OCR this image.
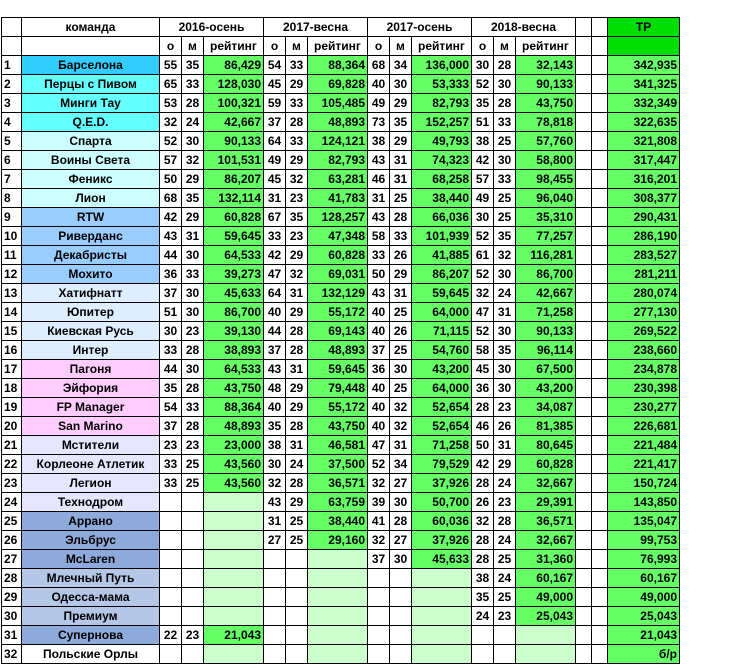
	команда	2016-осень			2017-весна			2017-осень			2018-весна					ТР
		о	м	рейтинг	о	м	рейтинг	о	м	рейтинг	о	м	рейтинг			
1	Барселона	55	35	86,429	54	33	88,364	68	34	136,000	30	28	32,143			342,935
2	Перцы с Пивом	65	33	128,030	45	29	69,828	40	30	53,333	52	30	90,133			341,325
3	Минги Тау	53	28	100,321	59	33	105,485	49	29	82,793	35	28	43,750			332,349
4	Q.E.D.	32	24	42,667	37	28	48,893	73	35	152,257	51	33	78,818			322,635
5	Спарта	52	30	90,133	64	33	124,121	38	29	49,793	38	25	57,760			321,808
6	Воины Света	57	32	101,531	49	29	82,793	43	31	74,323	42	30	58,800			317,447
7	Феникс	50	29	86,207	45	32	63,281	46	31	68,258	57	33	98,455			316,201
8	Лион	68	35	132,114	31	23	41,783	31	25	38,440	49	25	96,040			308,377
9	RTW	42	29	60,828	67	35	128,257	43	28	66,036	30	25	35,310			290,431
10	Риверданс	43	31	59,645	33	23	47,348	58	33	101,939	52	35	77,257			286,190
11	Декабристы	44	30	64,533	42	29	60,828	33	26	41,885	61	32	116,281			283,527
12	Мохито	36	33	39,273	47	32	69,031	50	29	86,207	52	30	86,700			281,211
13	Хатифнатт	37	30	45,633	64	31	132,129	43	31	59,645	32	24	42,667			280,074
14	Юпитер	51	30	86,700	40	29	55,172	40	25	64,000	47	31	71,258			277,130
15	Киевская Русь	30	23	39,130	44	28	69,143	40	26	71,115	52	30	90,133			269,522
16	Интер	33	28	38,893	37	28	48,893	37	25	54,760	58	35	96,114			238,660
17	Пагоня	44	30	64,533	43	31	59,645	36	30	43,200	45	30	67,500			234,878
18	Эйфория	35	28	43,750	48	29	79,448	40	25	64,000	36	30	43,200			230,398
19	FP Manager	54	33	88,364	40	29	55,172	40	32	52,654	28	23	34,087			230,277
20	San Marino	37	28	48,893	35	28	43,750	40	32	52,654	46	26	81,385			226,681
21	Мстители	23	23	23,000	38	31	46,581	47	31	71,258	50	31	80,645			221,484
22	Корлеоне Атлетик	33	25	43,560	30	24	37,500	52	34	79,529	42	29	60,828			221,417
23	Легион	33	25	43,560	32	28	36,571	32	27	37,926	28	24	32,667			150,724
24	Технодром				43	29	63,759	39	30	50,700	26	23	29,391			143,850
25	Аррано				31	25	38,440	41	28	60,036	32	28	36,571			135,047
26	Эльбрус				27	25	29,160	32	27	37,926	28	24	32,667			99,753
27	McLaren							37	30	45,633	28	25	31,360			76,993
28	Млечный Путь										38	24	60,167			60,167
29	Одесса-мама										35	25	49,000			49,000
30	Премиум										24	23	25,043			25,043
31	Супернова	22	23	21,043												21,043
32	Польские Орлы															б/р
